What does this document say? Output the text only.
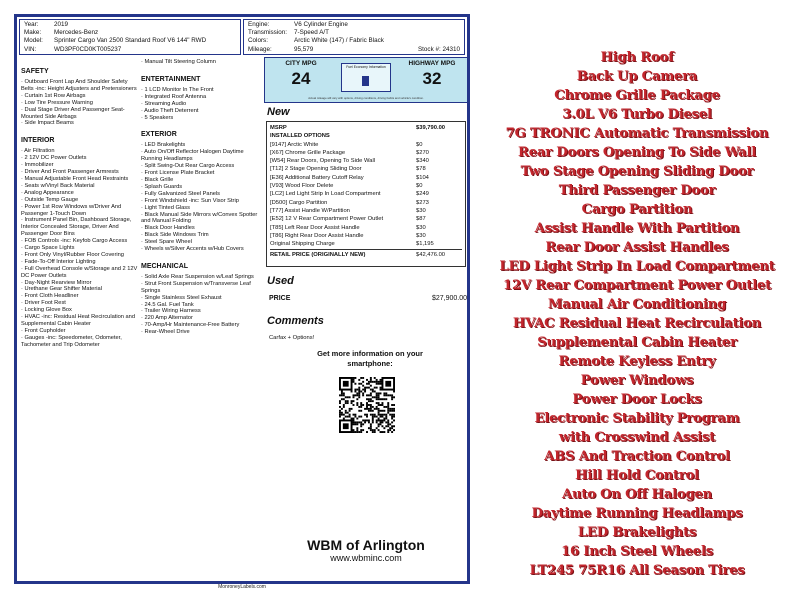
Year: 2019
Make: Mercedes-Benz
Model: Sprinter Cargo Van 2500 Standard Roof V6 144" RWD
VIN:	WD3PF0CD0KT005237
Engine:	V6 Cylinder Engine
Transmission: 7-Speed A/T
Colors:	Arctic White (147) / Fabric Black
Mileage:	95,579	Stock #: 24310
SAFETY
· Outboard Front Lap And Shoulder Safety Belts -inc: Height Adjusters and Pretensioners
· Curtain 1st Row Airbags
· Low Tire Pressure Warning
· Dual Stage Driver And Passenger Seat-Mounted Side Airbags
· Side Impact Beams
INTERIOR
· Air Filtration
· 2 12V DC Power Outlets
· Immobilizer
· Driver And Front Passenger Armrests
· Manual Adjustable Front Head Restraints
· Seats w/Vinyl Back Material
· Analog Appearance
· Outside Temp Gauge
· Power 1st Row Windows w/Driver And Passenger 1-Touch Down
· Instrument Panel Bin, Dashboard Storage, Interior Concealed Storage, Driver And Passenger Door Bins
· FOB Controls -inc: Keyfob Cargo Access
· Cargo Space Lights
· Front Only Vinyl/Rubber Floor Covering
· Fade-To-Off Interior Lighting
· Full Overhead Console w/Storage and 2 12V DC Power Outlets
· Day-Night Rearview Mirror
· Urethane Gear Shifter Material
· Front Cloth Headliner
· Driver Foot Rest
· Locking Glove Box
· HVAC -inc: Residual Heat Recirculation and Supplemental Cabin Heater
· Front Cupholder
· Gauges -inc: Speedometer, Odometer, Tachometer and Trip Odometer
· Manual Tilt Steering Column
ENTERTAINMENT
· 1 LCD Monitor In The Front
· Integrated Roof Antenna
· Streaming Audio
· Audio Theft Deterrent
· 5 Speakers
EXTERIOR
· LED Brakelights
· Auto On/Off Reflector Halogen Daytime Running Headlamps
· Split Swing-Out Rear Cargo Access
· Front License Plate Bracket
· Black Grille
· Splash Guards
· Fully Galvanized Steel Panels
· Front Windshield -inc: Sun Visor Strip
· Light Tinted Glass
· Black Manual Side Mirrors w/Convex Spotter and Manual Folding
· Black Door Handles
· Black Side Windows Trim
· Steel Spare Wheel
· Wheels w/Silver Accents w/Hub Covers
MECHANICAL
· Solid Axle Rear Suspension w/Leaf Springs
· Strut Front Suspension w/Transverse Leaf Springs
· Single Stainless Steel Exhaust
· 24.5 Gal. Fuel Tank
· Trailer Wiring Harness
· 220 Amp Alternator
· 70-Amp/Hr Maintenance-Free Battery
· Rear-Wheel Drive
CITY MPG
24
Fuel Economy Information	HIGHWAY MPG
32
Actual mileage will vary with options, driving conditions, driving habits and vehicle's condition.
New
MSRP	$39,790.00
INSTALLED OPTIONS
[9147] Arctic White	$0
[X67] Chrome Grille Package	$270
[W54] Rear Doors, Opening To Side Wall	$340
[T12] 2 Stage Opening Sliding Door	$78
[E36] Additional Battery Cutoff Relay	$104
[V93] Wood Floor Delete	$0
[LC2] Led Light Strip In Load Compartment	$249
[D500] Cargo Partition	$273
[T77] Assist Handle W/Partition	$30
[E52] 12 V Rear Compartment Power Outlet	$87
[T85] Left Rear Door Assist Handle	$30
[T86] Right Rear Door Assist Handle	$30
Original Shipping Charge	$1,195
RETAIL PRICE (ORIGINALLY NEW)	$42,476.00
Used
PRICE	$27,900.00
Comments
Carfax + Options!
Get more information on your
smartphone:
WBM of Arlington
www.wbminc.com
MonroneyLabels.com
High Roof
Back Up Camera
Chrome Grille Package
3.0L V6 Turbo Diesel
7G TRONIC Automatic Transmission
Rear Doors Opening To Side Wall
Two Stage Opening Sliding Door
Third Passenger Door
Cargo Partition
Assist Handle With Partition
Rear Door Assist Handles
LED Light Strip In Load Compartment
12V Rear Compartment Power Outlet
Manual Air Conditioning
HVAC Residual Heat Recirculation
Supplemental Cabin Heater
Remote Keyless Entry
Power Windows
Power Door Locks
Electronic Stability Program
with Crosswind Assist
ABS And Traction Control
Hill Hold Control
Auto On Off Halogen
Daytime Running Headlamps
LED Brakelights
16 Inch Steel Wheels
LT245 75R16 All Season Tires
